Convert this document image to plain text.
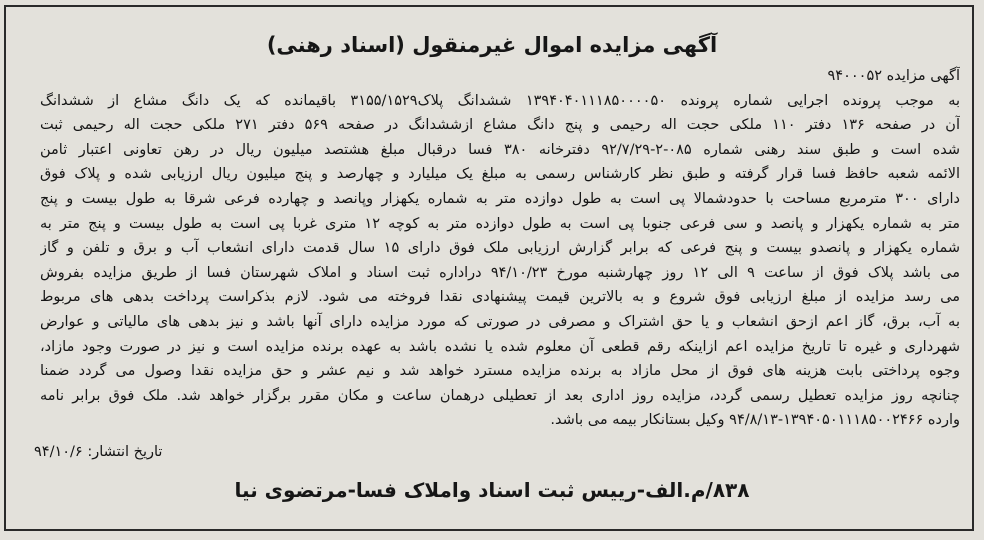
آگهی مزایده اموال غیرمنقول (اسناد رهنی)
آگهی مزایده ۹۴۰۰۰۵۲
به موجب پرونده اجرایی شماره پرونده ۱۳۹۴۰۴۰۱۱۱۸۵۰۰۰۰۵۰ ششدانگ پلاک۳۱۵۵/۱۵۲۹ باقیمانده که یک دانگ مشاع از ششدانگ
آن در صفحه ۱۳۶ دفتر ۱۱۰ ملکی حجت اله رحیمی و پنج دانگ مشاع ازششدانگ در صفحه ۵۶۹ دفتر ۲۷۱ ملکی حجت اله رحیمی ثبت
شده است و طبق سند رهنی شماره ۰۸۵-۲-۹۲/۷/۲۹ دفترخانه ۳۸۰ فسا درقبال مبلغ هشتصد میلیون ریال در رهن تعاونی اعتبار ثامن
الائمه شعبه حافظ فسا قرار گرفته و طبق نظر کارشناس رسمی به مبلغ یک میلیارد و چهارصد و پنج میلیون ریال ارزیابی شده و پلاک فوق
دارای ۳۰۰ مترمربع مساحت با حدودشمالا پی است به طول دوازده متر به شماره یکهزار وپانصد و چهارده فرعی شرقا به طول بیست و پنج
متر به شماره یکهزار و پانصد و سی فرعی جنوبا پی است به طول دوازده متر به کوچه ۱۲ متری غربا پی است به طول بیست و پنج متر به
شماره یکهزار و پانصدو بیست و پنج فرعی که برابر گزارش ارزیابی ملک فوق دارای ۱۵ سال قدمت دارای انشعاب آب و برق و تلفن و گاز
می باشد پلاک فوق از ساعت ۹ الی ۱۲ روز چهارشنبه مورخ ۹۴/۱۰/۲۳ دراداره ثبت اسناد و املاک شهرستان فسا از طریق مزایده بفروش
می رسد مزایده از مبلغ ارزیابی فوق شروع و به بالاترین قیمت پیشنهادی نقدا فروخته می شود. لازم بذکراست پرداخت بدهی های مربوط
به آب، برق، گاز اعم ازحق انشعاب و یا حق اشتراک و مصرفی در صورتی که مورد مزایده دارای آنها باشد و نیز بدهی های مالیاتی و عوارض
شهرداری و غیره تا تاریخ مزایده اعم ازاینکه رقم قطعی آن معلوم شده یا نشده باشد به عهده برنده مزایده است و نیز در صورت وجود مازاد،
وجوه پرداختی بابت هزینه های فوق از محل مازاد به برنده مزایده مسترد خواهد شد و نیم عشر و حق مزایده نقدا وصول می گردد ضمنا
چنانچه روز مزایده تعطیل رسمی گردد، مزایده روز اداری بعد از تعطیلی درهمان ساعت و مکان مقرر برگزار خواهد شد. ملک فوق برابر نامه
وارده ۱۳۹۴۰۵۰۱۱۱۸۵۰۰۲۴۶۶-۹۴/۸/۱۳ وکیل بستانکار بیمه می باشد.
تاریخ انتشار: ۹۴/۱۰/۶
۸۳۸/م.الف-رییس ثبت اسناد واملاک فسا-مرتضوی نیا
